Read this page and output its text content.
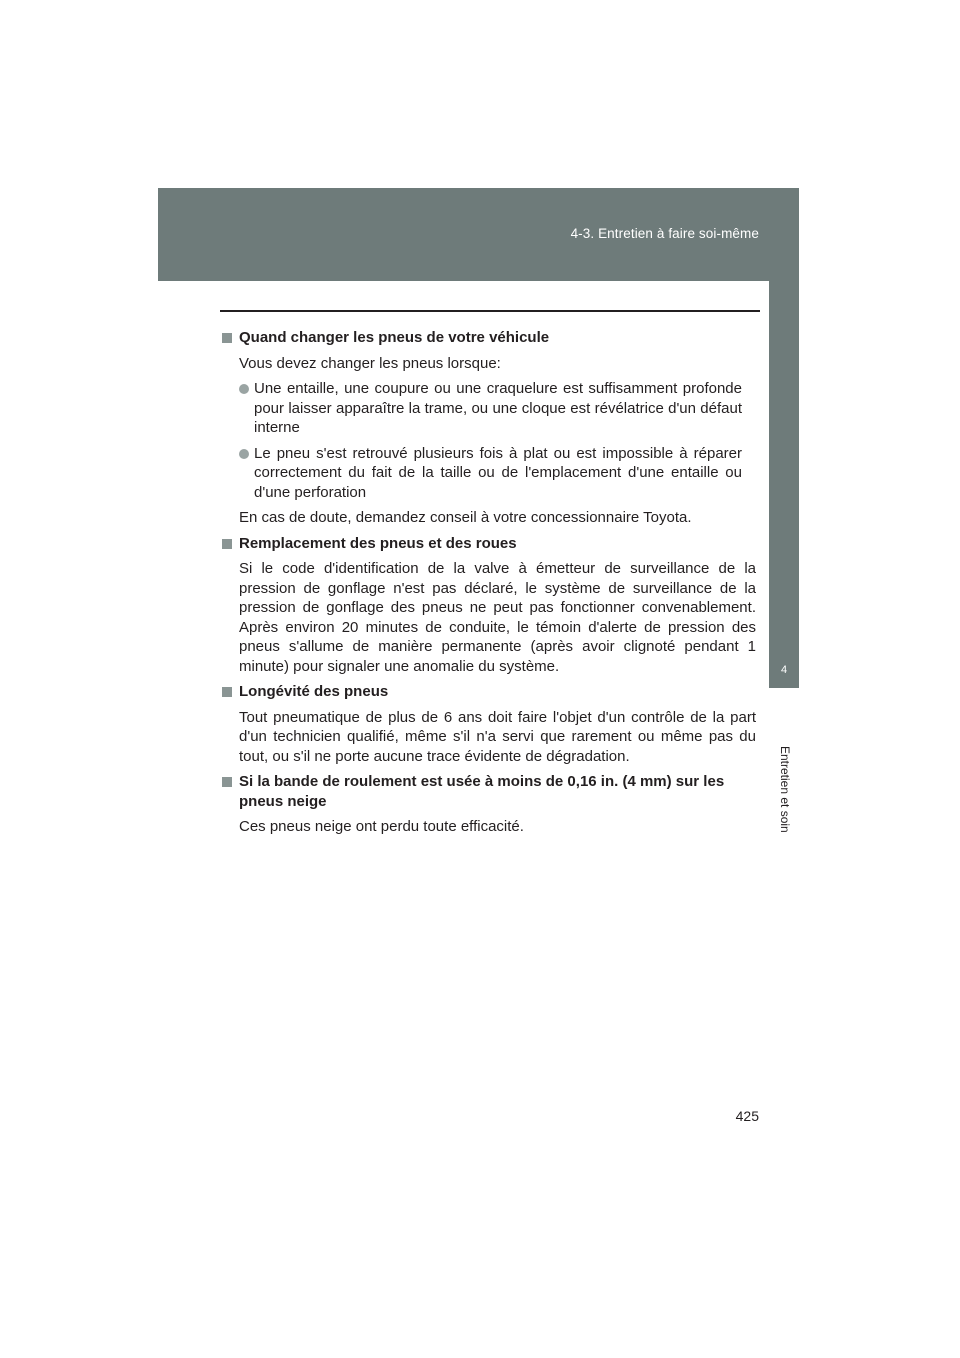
4-3. Entretien à faire soi-même
4
Entretien et soin
Quand changer les pneus de votre véhicule
Vous devez changer les pneus lorsque:
Une entaille, une coupure ou une craquelure est suffisamment profonde pour laisser apparaître la trame, ou une cloque est révélatrice d'un défaut interne
Le pneu s'est retrouvé plusieurs fois à plat ou est impossible à réparer correctement du fait de la taille ou de l'emplacement d'une entaille ou d'une perforation
En cas de doute, demandez conseil à votre concessionnaire Toyota.
Remplacement des pneus et des roues
Si le code d'identification de la valve à émetteur de surveillance de la pression de gonflage n'est pas déclaré, le système de surveillance de la pression de gonflage des pneus ne peut pas fonctionner convenablement. Après environ 20 minutes de conduite, le témoin d'alerte de pression des pneus s'allume de manière permanente (après avoir clignoté pendant 1 minute) pour signaler une anomalie du système.
Longévité des pneus
Tout pneumatique de plus de 6 ans doit faire l'objet d'un contrôle de la part d'un technicien qualifié, même s'il n'a servi que rarement ou même pas du tout, ou s'il ne porte aucune trace évidente de dégradation.
Si la bande de roulement est usée à moins de 0,16 in. (4 mm) sur les pneus neige
Ces pneus neige ont perdu toute efficacité.
425
